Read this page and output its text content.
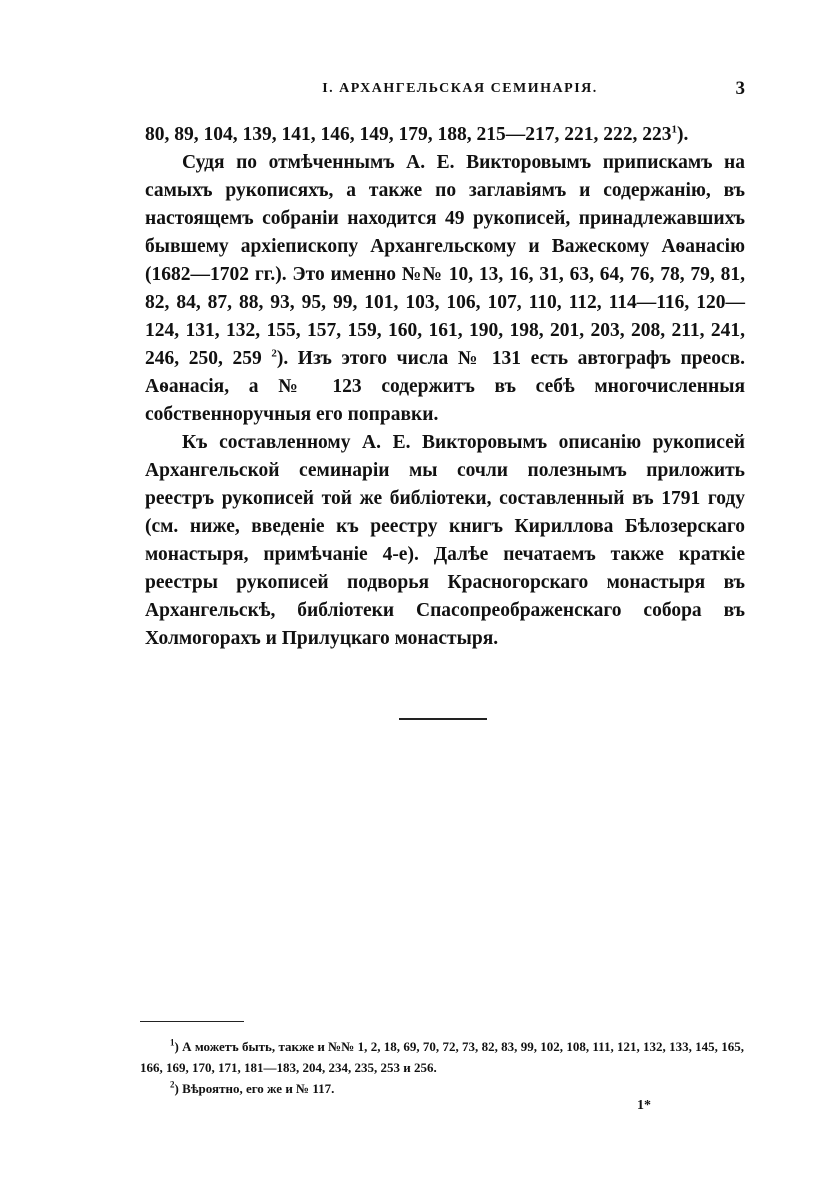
I. АРХАНГЕЛЬСКАЯ СЕМИНАРІЯ.	3

80, 89, 104, 139, 141, 146, 149, 179, 188, 215—217, 221, 222, $223^1$).

Судя по отмѣченнымъ А. Е. Викторовымъ припискамъ на самыхъ рукописяхъ, а также по заглавіямъ и содержанію, въ настоящемъ собраніи находится 49 рукописей, принадлежавшихъ бывшему архіепископу Архангельскому и Важескому Аѳанасію (1682—1702 гг.). Это именно №№ 10, 13, 16, 31, 63, 64, 76, 78, 79, 81, 82, 84, 87, 88, 93, 95, 99, 101, 103, 106, 107, 110, 112, 114—116, 120—124, 131, 132, 155, 157, 159, 160, 161, 190, 198, 201, 203, 208, 211, 241, 246, 250, 259 $^2$). Изъ этого числа № 131 есть автографъ преосв. Аѳанасія, а № 123 содержитъ въ себѣ многочисленныя собственноручныя его поправки.

Къ составленному А. Е. Викторовымъ описанію рукописей Архангельской семинаріи мы сочли полезнымъ приложить реестръ рукописей той же библіотеки, составленный въ 1791 году (см. ниже, введеніе къ реестру книгъ Кириллова Бѣлозерскаго монастыря, примѣчаніе 4-е). Далѣе печатаемъ также краткіе реестры рукописей подворья Красногорскаго монастыря въ Архангельскѣ, библіотеки Спасопреображенскаго собора въ Холмогорахъ и Прилуцкаго монастыря.

$^1$) А можетъ быть, также и №№ 1, 2, 18, 69, 70, 72, 73, 82, 83, 99, 102, 108, 111, 121, 132, 133, 145, 165, 166, 169, 170, 171, 181—183, 204, 234, 235, 253 и 256.

$^2$) Вѣроятно, его же и № 117.

1*
